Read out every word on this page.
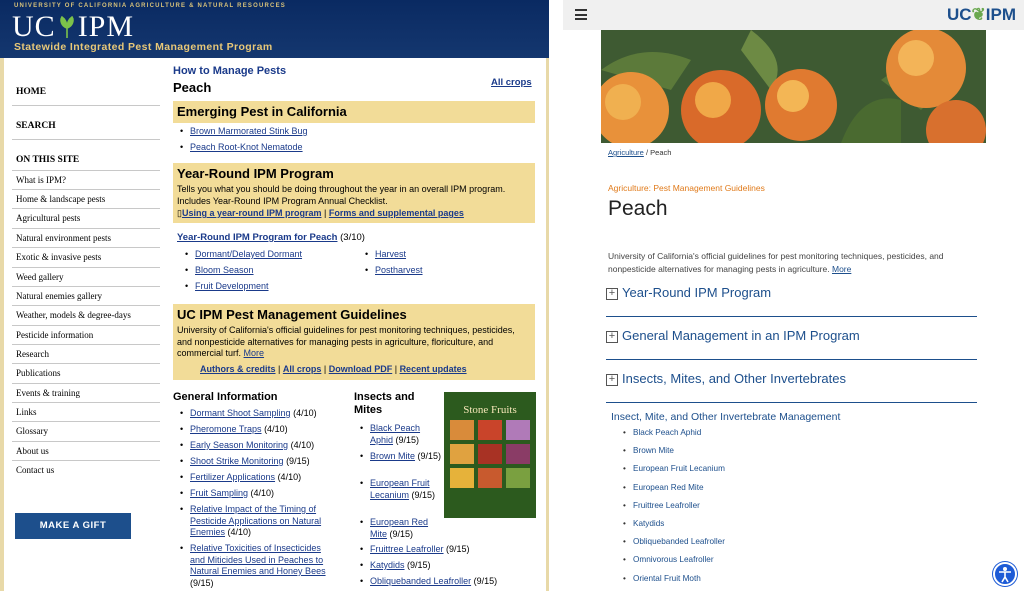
UNIVERSITY OF CALIFORNIA AGRICULTURE & NATURAL RESOURCES
UC IPM
Statewide Integrated Pest Management Program
HOME
SEARCH
ON THIS SITE
What is IPM?
Home & landscape pests
Agricultural pests
Natural environment pests
Exotic & invasive pests
Weed gallery
Natural enemies gallery
Weather, models & degree-days
Pesticide information
Research
Publications
Events & training
Links
Glossary
About us
Contact us
MAKE A GIFT
How to Manage Pests
All crops
Peach
Emerging Pest in California
• Brown Marmorated Stink Bug
• Peach Root-Knot Nematode
Year-Round IPM Program
Tells you what you should be doing throughout the year in an overall IPM program. Includes Year-Round IPM Program Annual Checklist.
▯Using a year-round IPM program | Forms and supplemental pages
Year-Round IPM Program for Peach (3/10)
• Dormant/Delayed Dormant
• Bloom Season
• Fruit Development
• Harvest
• Postharvest
UC IPM Pest Management Guidelines
University of California's official guidelines for pest monitoring techniques, pesticides, and nonpesticide alternatives for managing pests in agriculture, floriculture, and commercial turf. More
Authors & credits | All crops | Download PDF | Recent updates
General Information
• Dormant Shoot Sampling (4/10)
• Pheromone Traps (4/10)
• Early Season Monitoring (4/10)
• Shoot Strike Monitoring (9/15)
• Fertilizer Applications (4/10)
• Fruit Sampling (4/10)
• Relative Impact of the Timing of Pesticide Applications on Natural Enemies (4/10)
• Relative Toxicities of Insecticides and Miticides Used in Peaches to Natural Enemies and Honey Bees (9/15)
Insects and Mites
• Black Peach Aphid (9/15)
• Brown Mite (9/15)
• European Fruit Lecanium (9/15)
• European Red Mite (9/15)
• Fruittree Leafroller (9/15)
• Katydids (9/15)
• Obliquebanded Leafroller (9/15)
Stone Fruits
UC❦IPM
Agriculture / Peach
Agriculture: Pest Management Guidelines
Peach
University of California's official guidelines for pest monitoring techniques, pesticides, and nonpesticide alternatives for managing pests in agriculture. More
+ Year-Round IPM Program
+ General Management in an IPM Program
+ Insects, Mites, and Other Invertebrates
Insect, Mite, and Other Invertebrate Management
• Black Peach Aphid
• Brown Mite
• European Fruit Lecanium
• European Red Mite
• Fruittree Leafroller
• Katydids
• Obliquebanded Leafroller
• Omnivorous Leafroller
• Oriental Fruit Moth
